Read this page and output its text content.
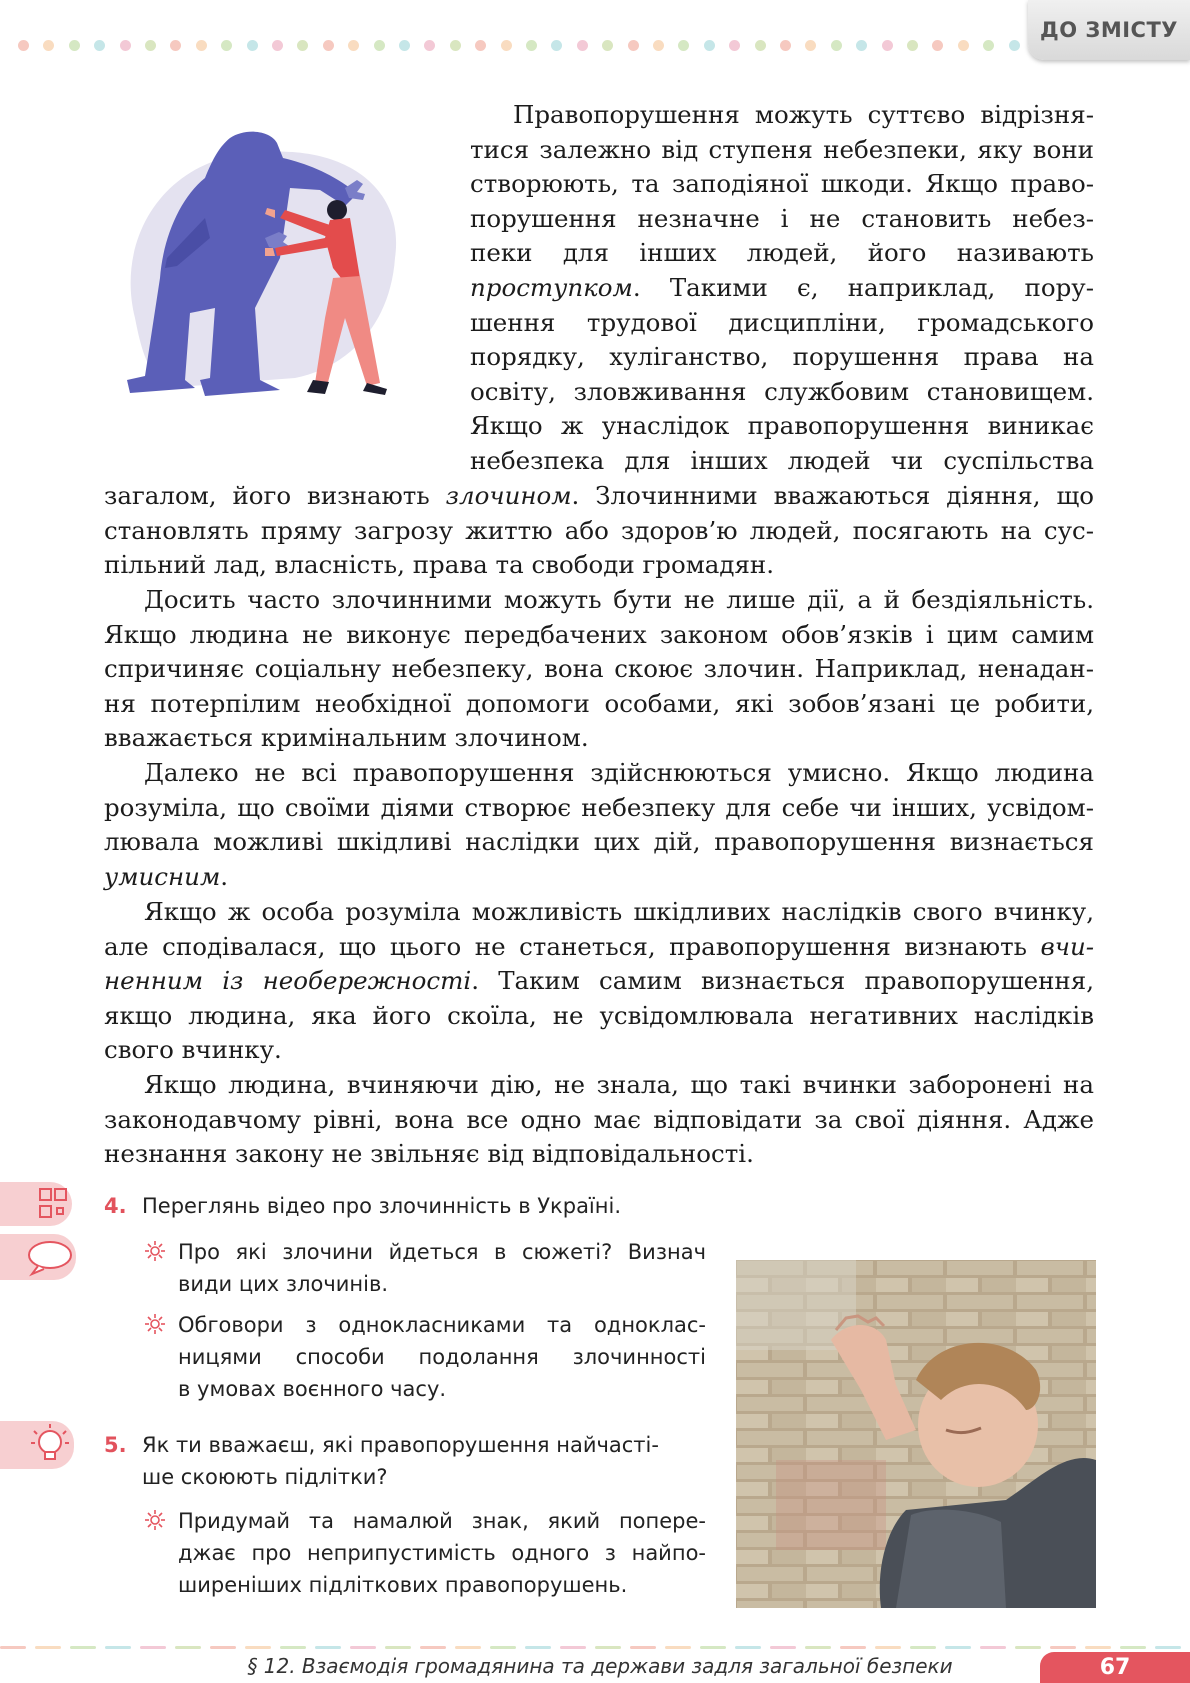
ДО ЗМІСТУ
Правопорушення можуть суттєво відрізня-
тися залежно від ступеня небезпеки, яку вони
створюють, та заподіяної шкоди. Якщо право-
порушення незначне і не становить небез-
пеки для інших людей, його називають
проступком. Такими є, наприклад, пору-
шення трудової дисципліни, громадського
порядку, хуліганство, порушення права на
освіту, зловживання службовим становищем.
Якщо ж унаслідок правопорушення виникає
небезпека для інших людей чи суспільства
загалом, його визнають злочином. Злочинними вважаються діяння, що
становлять пряму загрозу життю або здоров’ю людей, посягають на сус-
пільний лад, власність, права та свободи громадян.
Досить часто злочинними можуть бути не лише дії, а й бездіяльність.
Якщо людина не виконує передбачених законом обов’язків і цим самим
спричиняє соціальну небезпеку, вона скоює злочин. Наприклад, ненадан-
ня потерпілим необхідної допомоги особами, які зобов’язані це робити,
вважається кримінальним злочином.
Далеко не всі правопорушення здійснюються умисно. Якщо людина
розуміла, що своїми діями створює небезпеку для себе чи інших, усвідом-
лювала можливі шкідливі наслідки цих дій, правопорушення визнається
умисним.
Якщо ж особа розуміла можливість шкідливих наслідків свого вчинку,
але сподівалася, що цього не станеться, правопорушення визнають вчи-
ненним із необережності. Таким самим визнається правопорушення,
якщо людина, яка його скоїла, не усвідомлювала негативних наслідків
свого вчинку.
Якщо людина, вчиняючи дію, не знала, що такі вчинки заборонені на
законодавчому рівні, вона все одно має відповідати за свої діяння. Адже
незнання закону не звільняє від відповідальності.
4. Переглянь відео про злочинність в Україні.
Про які злочини йдеться в сюжеті? Визнач
види цих злочинів.
Обговори з однокласниками та одноклас-
ницями способи подолання злочинності
в умовах воєнного часу.
5. Як ти вважаєш, які правопорушення найчасті-
ше скоюють підлітки?
Придумай та намалюй знак, який попере-
джає про неприпустимість одного з найпо-
ширеніших підліткових правопорушень.
§ 12. Взаємодія громадянина та держави задля загальної безпеки	67
